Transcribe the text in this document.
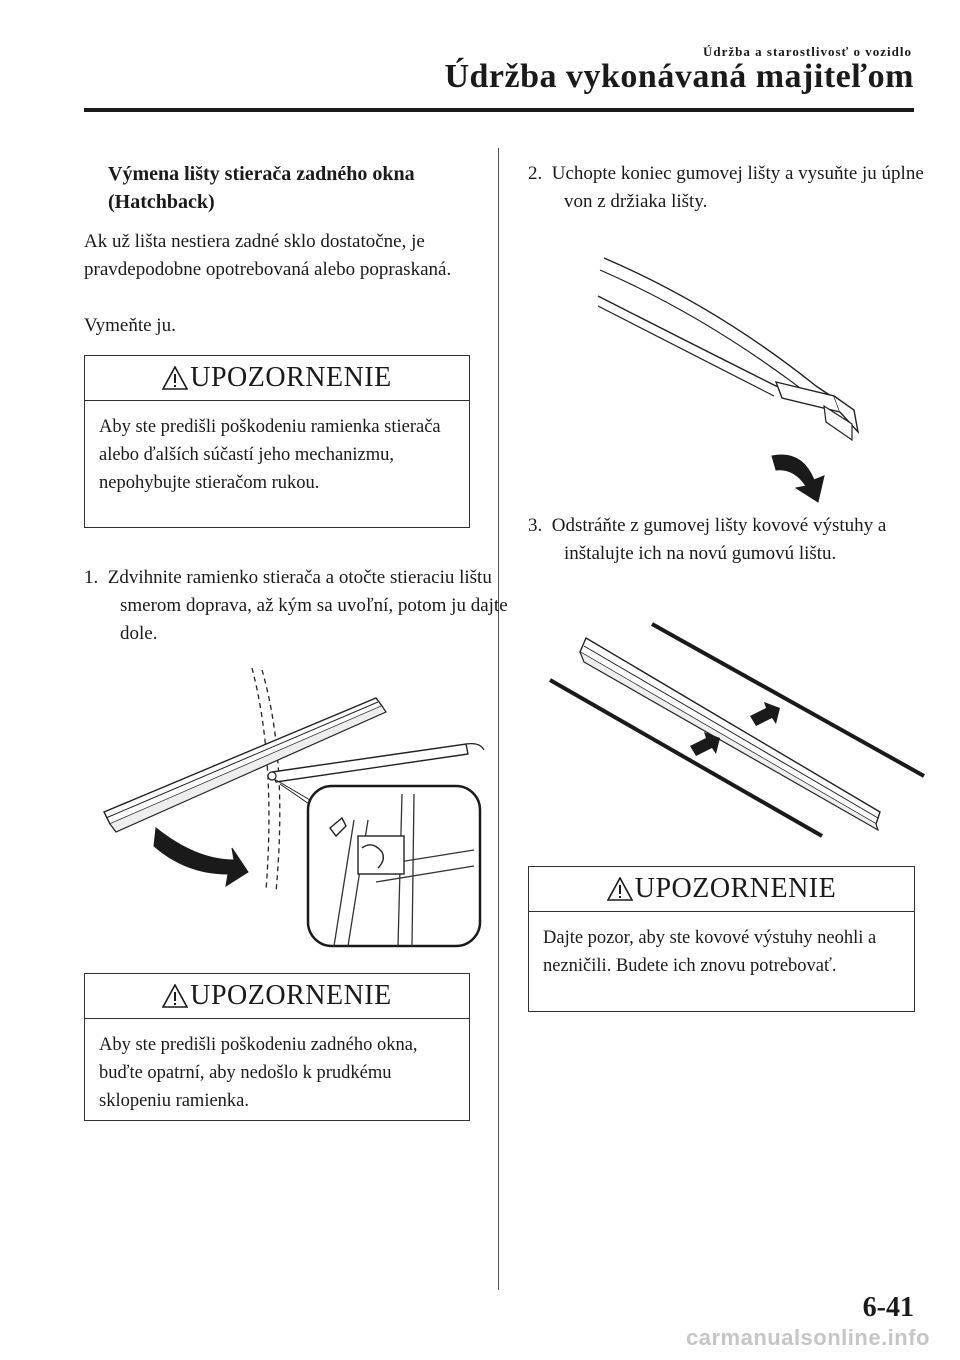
Údržba a starostlivosť o vozidlo
Údržba vykonávaná majiteľom
Výmena lišty stierača zadného okna (Hatchback)
Ak už lišta nestiera zadné sklo dostatočne, je pravdepodobne opotrebovaná alebo popraskaná.
Vymeňte ju.
UPOZORNENIE
Aby ste predišli poškodeniu ramienka stierača alebo ďalších súčastí jeho mechanizmu, nepohybujte stieračom rukou.
1. Zdvihnite ramienko stierača a otočte stieraciu lištu smerom doprava, až kým sa uvoľní, potom ju dajte dole.
UPOZORNENIE
Aby ste predišli poškodeniu zadného okna, buďte opatrní, aby nedošlo k prudkému sklopeniu ramienka.
2. Uchopte koniec gumovej lišty a vysuňte ju úplne von z držiaka lišty.
3. Odstráňte z gumovej lišty kovové výstuhy a inštalujte ich na novú gumovú lištu.
UPOZORNENIE
Dajte pozor, aby ste kovové výstuhy neohli a nezničili. Budete ich znovu potrebovať.
6-41
carmanualsonline.info
